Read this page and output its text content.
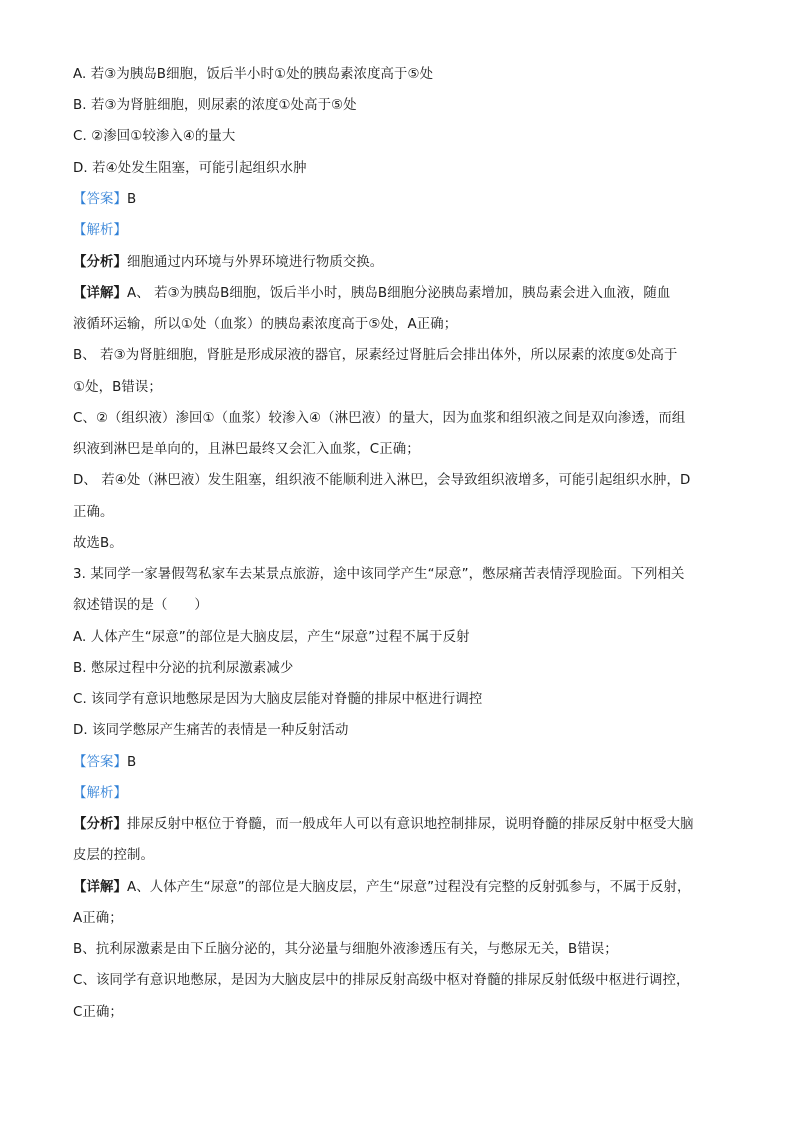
A. 若③为胰岛B细胞，饭后半小时①处的胰岛素浓度高于⑤处
B. 若③为肾脏细胞，则尿素的浓度①处高于⑤处
C. ②渗回①较渗入④的量大
D. 若④处发生阻塞，可能引起组织水肿
【答案】B
【解析】
【分析】细胞通过内环境与外界环境进行物质交换。
【详解】A、 若③为胰岛B细胞，饭后半小时，胰岛B细胞分泌胰岛素增加，胰岛素会进入血液，随血
液循环运输，所以①处（血浆）的胰岛素浓度高于⑤处，A正确；
B、 若③为肾脏细胞，肾脏是形成尿液的器官，尿素经过肾脏后会排出体外，所以尿素的浓度⑤处高于
①处，B错误；
C、②（组织液）渗回①（血浆）较渗入④（淋巴液）的量大，因为血浆和组织液之间是双向渗透，而组
织液到淋巴是单向的，且淋巴最终又会汇入血浆，C正确；
D、 若④处（淋巴液）发生阻塞，组织液不能顺利进入淋巴，会导致组织液增多，可能引起组织水肿，D
正确。
故选B。
3. 某同学一家暑假驾私家车去某景点旅游，途中该同学产生“尿意”，憋尿痛苦表情浮现脸面。下列相关
叙述错误的是（　　）
A. 人体产生“尿意”的部位是大脑皮层，产生“尿意”过程不属于反射
B. 憋尿过程中分泌的抗利尿激素减少
C. 该同学有意识地憋尿是因为大脑皮层能对脊髓的排尿中枢进行调控
D. 该同学憋尿产生痛苦的表情是一种反射活动
【答案】B
【解析】
【分析】排尿反射中枢位于脊髓，而一般成年人可以有意识地控制排尿，说明脊髓的排尿反射中枢受大脑
皮层的控制。
【详解】A、人体产生“尿意”的部位是大脑皮层，产生“尿意”过程没有完整的反射弧参与，不属于反射，
A正确；
B、抗利尿激素是由下丘脑分泌的，其分泌量与细胞外液渗透压有关，与憋尿无关，B错误；
C、该同学有意识地憋尿，是因为大脑皮层中的排尿反射高级中枢对脊髓的排尿反射低级中枢进行调控，
C正确；
